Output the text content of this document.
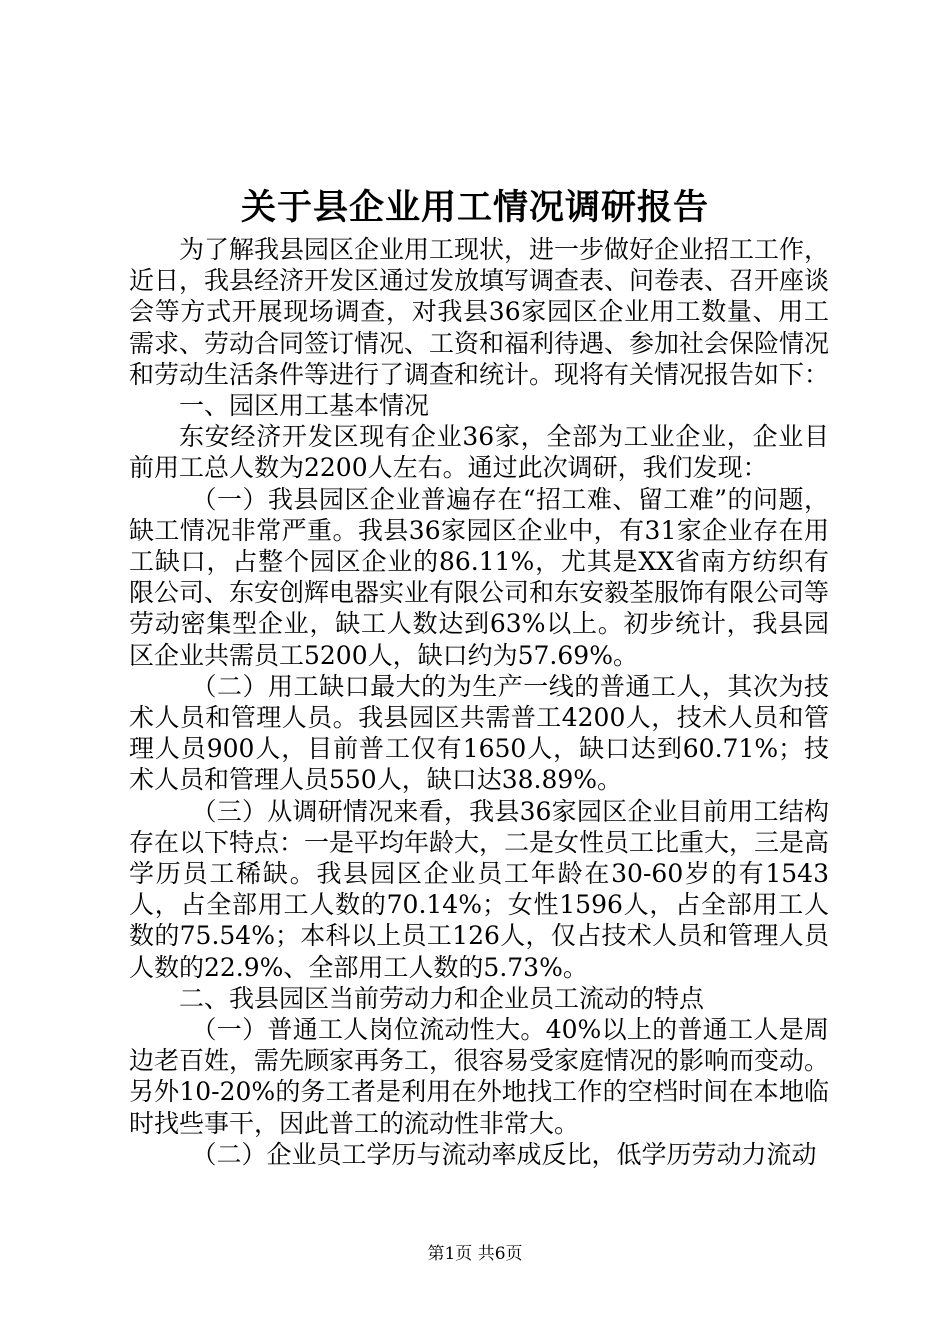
关于县企业用工情况调研报告

为了解我县园区企业用工现状，进一步做好企业招工工作，近日，我县经济开发区通过发放填写调查表、问卷表、召开座谈会等方式开展现场调查，对我县36家园区企业用工数量、用工需求、劳动合同签订情况、工资和福利待遇、参加社会保险情况和劳动生活条件等进行了调查和统计。现将有关情况报告如下：

一、园区用工基本情况

东安经济开发区现有企业36家，全部为工业企业，企业目前用工总人数为2200人左右。通过此次调研，我们发现：

（一）我县园区企业普遍存在“招工难、留工难”的问题，缺工情况非常严重。我县36家园区企业中，有31家企业存在用工缺口，占整个园区企业的86.11%，尤其是XX省南方纺织有限公司、东安创辉电器实业有限公司和东安毅荃服饰有限公司等劳动密集型企业，缺工人数达到63%以上。初步统计，我县园区企业共需员工5200人，缺口约为57.69%。

（二）用工缺口最大的为生产一线的普通工人，其次为技术人员和管理人员。我县园区共需普工4200人，技术人员和管理人员900人，目前普工仅有1650人，缺口达到60.71%；技术人员和管理人员550人，缺口达38.89%。

（三）从调研情况来看，我县36家园区企业目前用工结构存在以下特点：一是平均年龄大，二是女性员工比重大，三是高学历员工稀缺。我县园区企业员工年龄在30-60岁的有1543人，占全部用工人数的70.14%；女性1596人，占全部用工人数的75.54%；本科以上员工126人，仅占技术人员和管理人员人数的22.9%、全部用工人数的5.73%。

二、我县园区当前劳动力和企业员工流动的特点

（一）普通工人岗位流动性大。40%以上的普通工人是周边老百姓，需先顾家再务工，很容易受家庭情况的影响而变动。另外10-20%的务工者是利用在外地找工作的空档时间在本地临时找些事干，因此普工的流动性非常大。

（二）企业员工学历与流动率成反比，低学历劳动力流动

第1页 共6页
